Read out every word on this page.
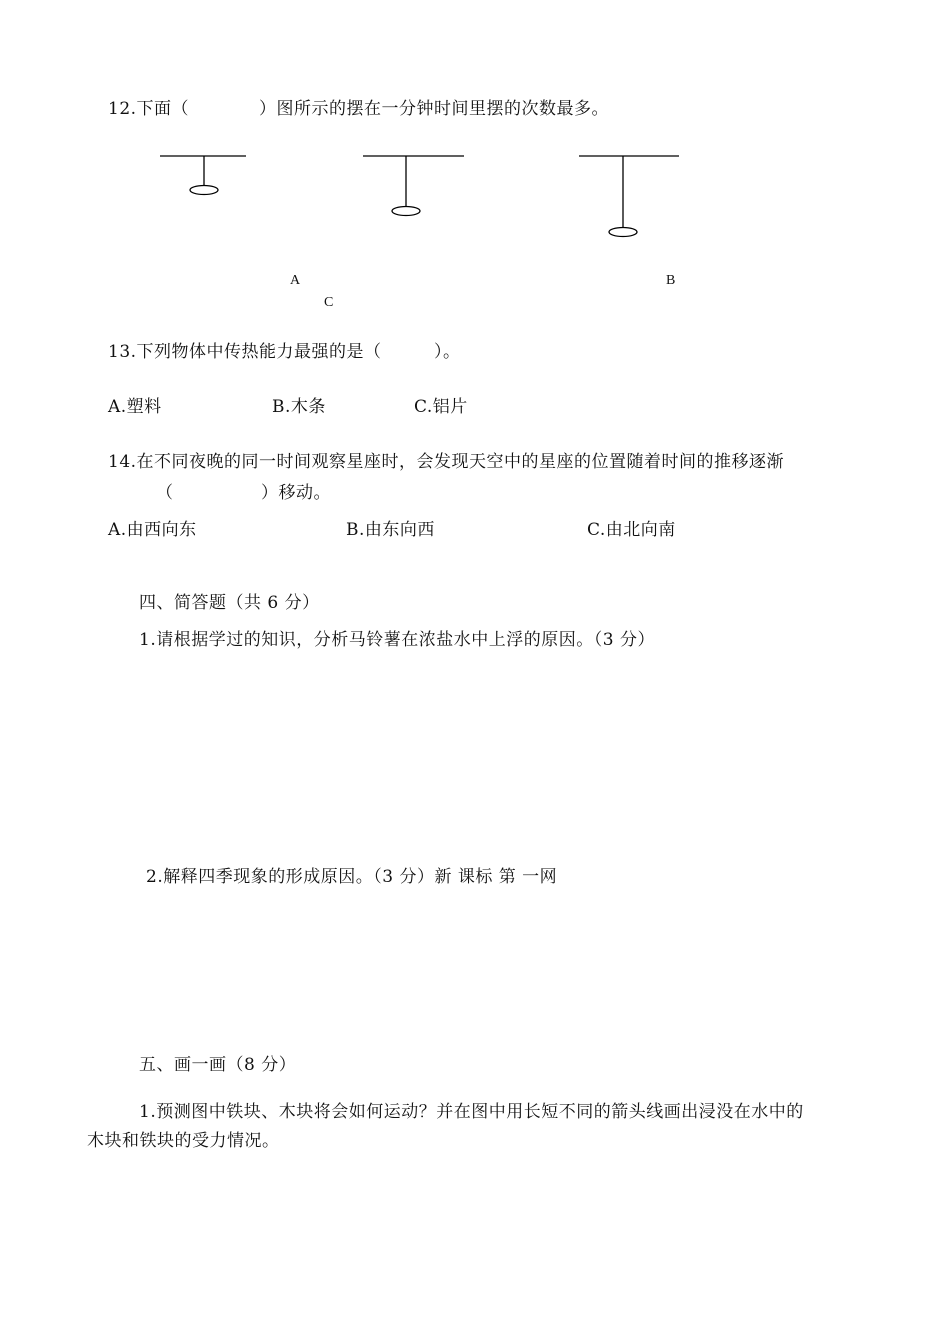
12.下面（　　　　）图所示的摆在一分钟时间里摆的次数最多。
A	B
C
13.下列物体中传热能力最强的是（　　　）。
A.塑料	B.木条	C.铝片
14.在不同夜晚的同一时间观察星座时，会发现天空中的星座的位置随着时间的推移逐渐
（　　　　　）移动。
A.由西向东	B.由东向西	C.由北向南
四、简答题（共 6 分）
1.请根据学过的知识，分析马铃薯在浓盐水中上浮的原因。（3 分）
2.解释四季现象的形成原因。（3 分）新 课标 第 一网
五、画一画（8 分）
1.预测图中铁块、木块将会如何运动？并在图中用长短不同的箭头线画出浸没在水中的
木块和铁块的受力情况。
